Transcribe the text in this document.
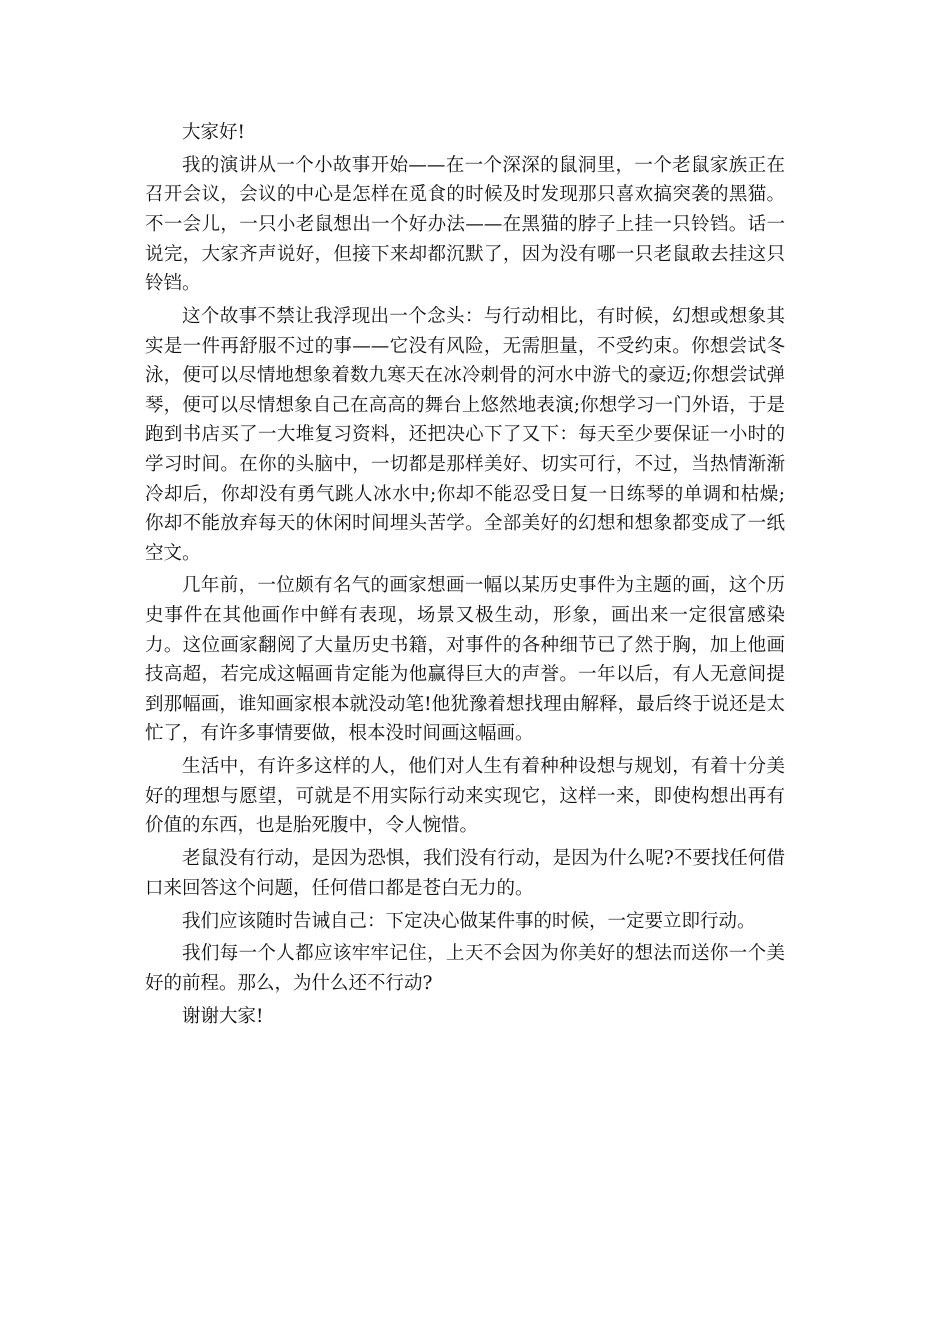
大家好!

我的演讲从一个小故事开始——在一个深深的鼠洞里，一个老鼠家族正在召开会议，会议的中心是怎样在觅食的时候及时发现那只喜欢搞突袭的黑猫。不一会儿，一只小老鼠想出一个好办法——在黑猫的脖子上挂一只铃铛。话一说完，大家齐声说好，但接下来却都沉默了，因为没有哪一只老鼠敢去挂这只铃铛。

这个故事不禁让我浮现出一个念头：与行动相比，有时候，幻想或想象其实是一件再舒服不过的事——它没有风险，无需胆量，不受约束。你想尝试冬泳，便可以尽情地想象着数九寒天在冰冷刺骨的河水中游弋的豪迈;你想尝试弹琴，便可以尽情想象自己在高高的舞台上悠然地表演;你想学习一门外语，于是跑到书店买了一大堆复习资料，还把决心下了又下：每天至少要保证一小时的学习时间。在你的头脑中，一切都是那样美好、切实可行，不过，当热情渐渐冷却后，你却没有勇气跳人冰水中;你却不能忍受日复一日练琴的单调和枯燥;你却不能放弃每天的休闲时间埋头苦学。全部美好的幻想和想象都变成了一纸空文。

几年前，一位颇有名气的画家想画一幅以某历史事件为主题的画，这个历史事件在其他画作中鲜有表现，场景又极生动，形象，画出来一定很富感染力。这位画家翻阅了大量历史书籍，对事件的各种细节已了然于胸，加上他画技高超，若完成这幅画肯定能为他赢得巨大的声誉。一年以后，有人无意间提到那幅画，谁知画家根本就没动笔!他犹豫着想找理由解释，最后终于说还是太忙了，有许多事情要做，根本没时间画这幅画。

生活中，有许多这样的人，他们对人生有着种种设想与规划，有着十分美好的理想与愿望，可就是不用实际行动来实现它，这样一来，即使构想出再有价值的东西，也是胎死腹中，令人惋惜。

老鼠没有行动，是因为恐惧，我们没有行动，是因为什么呢?不要找任何借口来回答这个问题，任何借口都是苍白无力的。

我们应该随时告诫自己：下定决心做某件事的时候，一定要立即行动。

我们每一个人都应该牢牢记住，上天不会因为你美好的想法而送你一个美好的前程。那么，为什么还不行动?

谢谢大家!
